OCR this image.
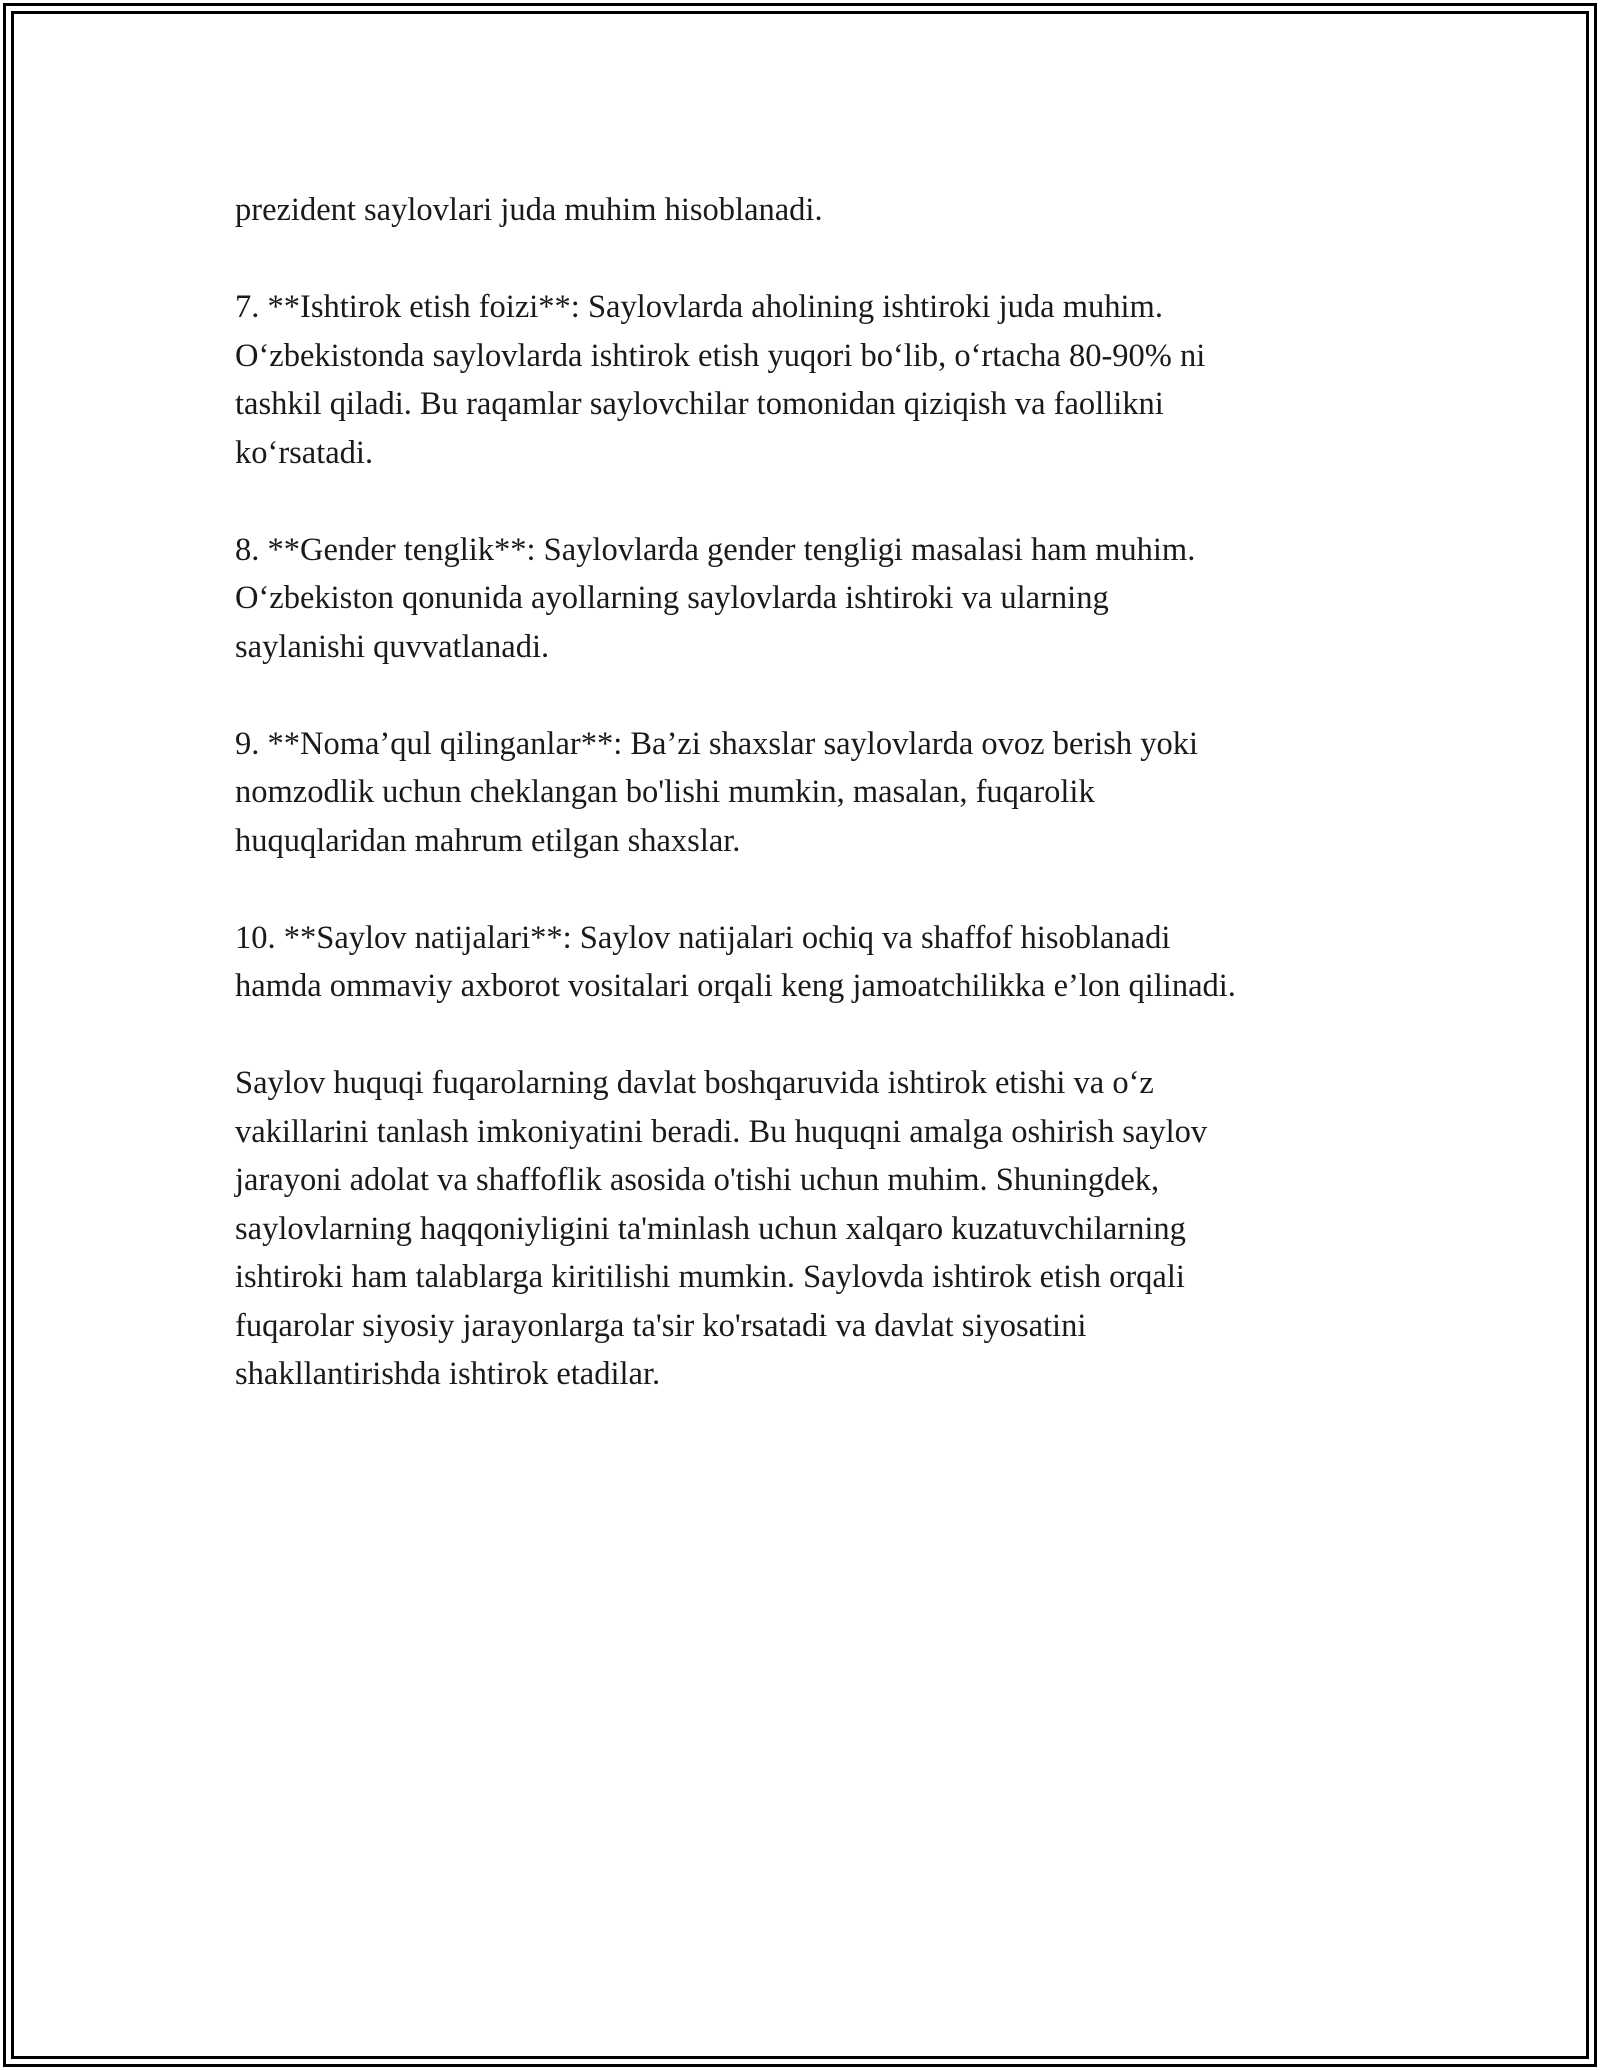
prezident saylovlari juda muhim hisoblanadi.

7. **Ishtirok etish foizi**: Saylovlarda aholining ishtiroki juda muhim.
O‘zbekistonda saylovlarda ishtirok etish yuqori bo‘lib, o‘rtacha 80-90% ni
tashkil qiladi. Bu raqamlar saylovchilar tomonidan qiziqish va faollikni
ko‘rsatadi.

8. **Gender tenglik**: Saylovlarda gender tengligi masalasi ham muhim.
O‘zbekiston qonunida ayollarning saylovlarda ishtiroki va ularning
saylanishi quvvatlanadi.

9. **Noma’qul qilinganlar**: Ba’zi shaxslar saylovlarda ovoz berish yoki
nomzodlik uchun cheklangan bo'lishi mumkin, masalan, fuqarolik
huquqlaridan mahrum etilgan shaxslar.

10. **Saylov natijalari**: Saylov natijalari ochiq va shaffof hisoblanadi
hamda ommaviy axborot vositalari orqali keng jamoatchilikka e’lon qilinadi.

Saylov huquqi fuqarolarning davlat boshqaruvida ishtirok etishi va o‘z
vakillarini tanlash imkoniyatini beradi. Bu huquqni amalga oshirish saylov
jarayoni adolat va shaffoflik asosida o'tishi uchun muhim. Shuningdek,
saylovlarning haqqoniyligini ta'minlash uchun xalqaro kuzatuvchilarning
ishtiroki ham talablarga kiritilishi mumkin. Saylovda ishtirok etish orqali
fuqarolar siyosiy jarayonlarga ta'sir ko'rsatadi va davlat siyosatini
shakllantirishda ishtirok etadilar.
